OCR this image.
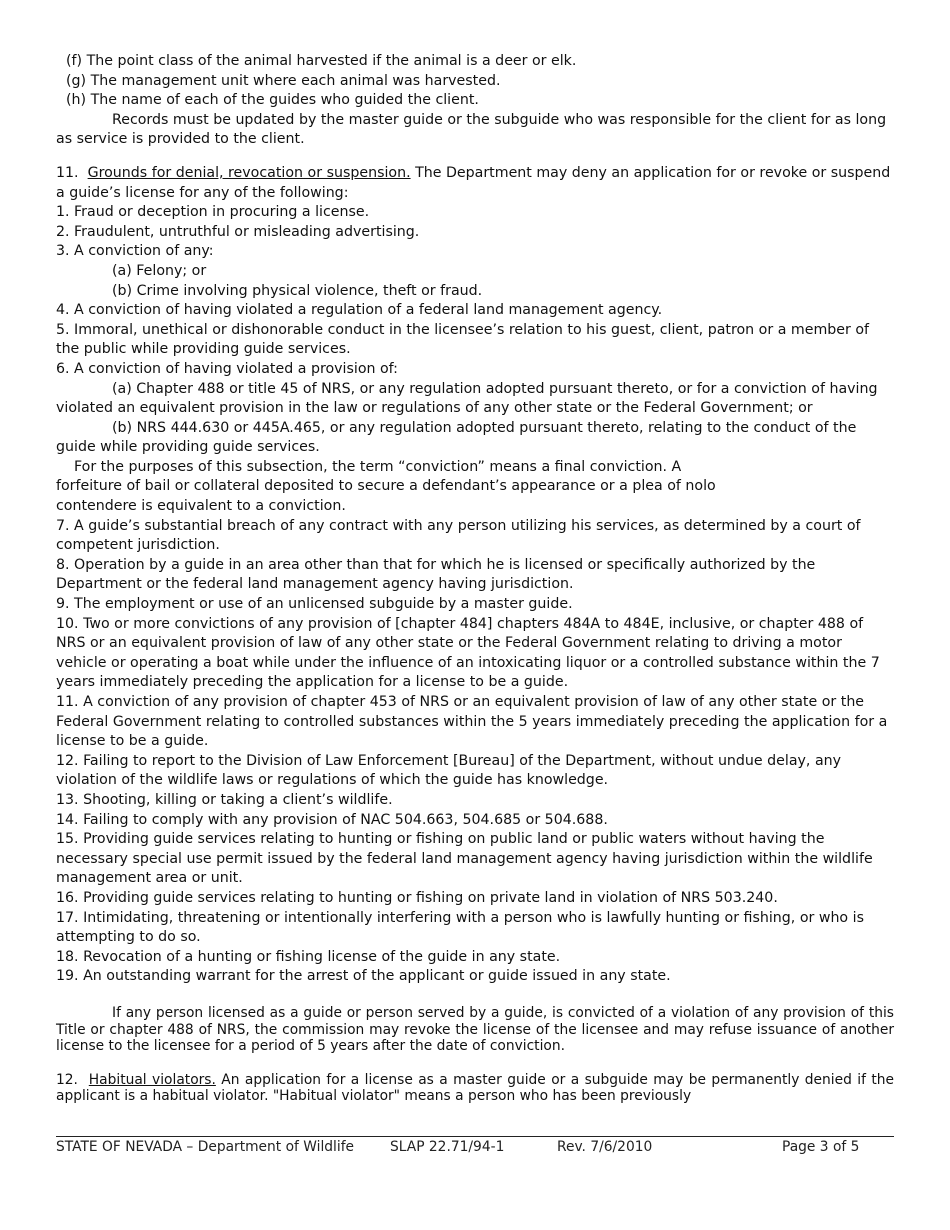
(f) The point class of the animal harvested if the animal is a deer or elk.

(g) The management unit where each animal was harvested.

(h) The name of each of the guides who guided the client.

Records must be updated by the master guide or the subguide who was responsible for the client for as long as service is provided to the client.

11. Grounds for denial, revocation or suspension. The Department may deny an application for or revoke or suspend a guide’s license for any of the following:

1. Fraud or deception in procuring a license.

2. Fraudulent, untruthful or misleading advertising.

3. A conviction of any:

(a) Felony; or

(b) Crime involving physical violence, theft or fraud.

4. A conviction of having violated a regulation of a federal land management agency.

5. Immoral, unethical or dishonorable conduct in the licensee’s relation to his guest, client, patron or a member of the public while providing guide services.

6. A conviction of having violated a provision of:

(a) Chapter 488 or title 45 of NRS, or any regulation adopted pursuant thereto, or for a conviction of having violated an equivalent provision in the law or regulations of any other state or the Federal Government; or

(b) NRS 444.630 or 445A.465, or any regulation adopted pursuant thereto, relating to the conduct of the guide while providing guide services.

For the purposes of this subsection, the term “conviction” means a final conviction. A

forfeiture of bail or collateral deposited to secure a defendant’s appearance or a plea of nolo

contendere is equivalent to a conviction.

7. A guide’s substantial breach of any contract with any person utilizing his services, as determined by a court of competent jurisdiction.

8. Operation by a guide in an area other than that for which he is licensed or specifically authorized by the Department or the federal land management agency having jurisdiction.

9. The employment or use of an unlicensed subguide by a master guide.

10. Two or more convictions of any provision of [chapter 484] chapters 484A to 484E, inclusive, or chapter 488 of NRS or an equivalent provision of law of any other state or the Federal Government relating to driving a motor vehicle or operating a boat while under the influence of an intoxicating liquor or a controlled substance within the 7 years immediately preceding the application for a license to be a guide.

11. A conviction of any provision of chapter 453 of NRS or an equivalent provision of law of any other state or the Federal Government relating to controlled substances within the 5 years immediately preceding the application for a license to be a guide.

12. Failing to report to the Division of Law Enforcement [Bureau] of the Department, without undue delay, any violation of the wildlife laws or regulations of which the guide has knowledge.

13. Shooting, killing or taking a client’s wildlife.

14. Failing to comply with any provision of NAC 504.663, 504.685 or 504.688.

15. Providing guide services relating to hunting or fishing on public land or public waters without having the necessary special use permit issued by the federal land management agency having jurisdiction within the wildlife management area or unit.

16. Providing guide services relating to hunting or fishing on private land in violation of NRS 503.240.

17. Intimidating, threatening or intentionally interfering with a person who is lawfully hunting or fishing, or who is attempting to do so.

18. Revocation of a hunting or fishing license of the guide in any state.

19. An outstanding warrant for the arrest of the applicant or guide issued in any state.

If any person licensed as a guide or person served by a guide, is convicted of a violation of any provision of this Title or chapter 488 of NRS, the commission may revoke the license of the licensee and may refuse issuance of another license to the licensee for a period of 5 years after the date of conviction.

12. Habitual violators. An application for a license as a master guide or a subguide may be permanently denied if the applicant is a habitual violator. "Habitual violator" means a person who has been previously

STATE OF NEVADA – Department of Wildlife	SLAP 22.71/94-1	Rev. 7/6/2010	Page 3 of 5
